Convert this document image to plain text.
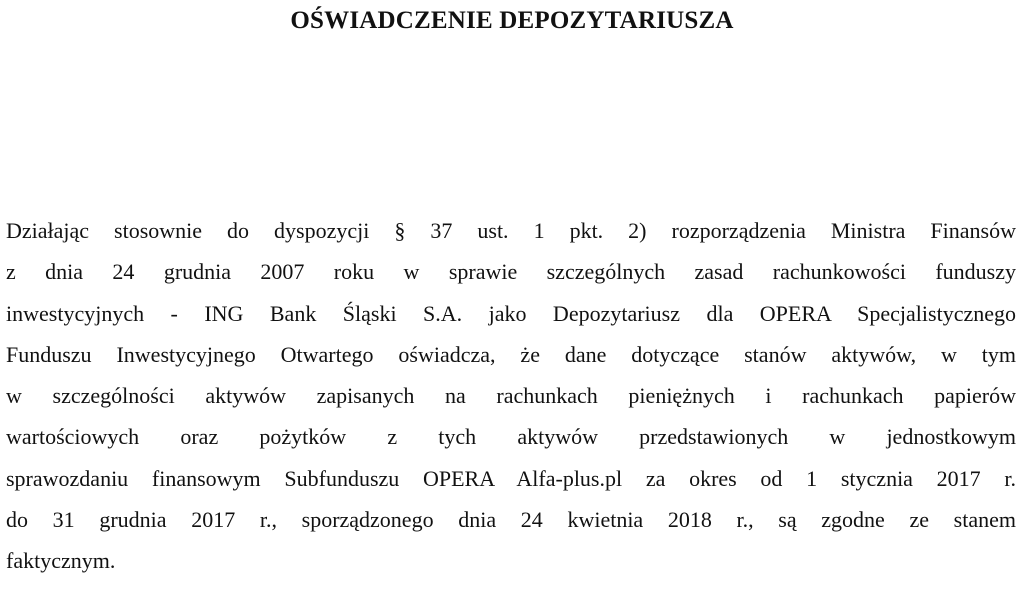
OŚWIADCZENIE DEPOZYTARIUSZA
Działając stosownie do dyspozycji § 37 ust. 1 pkt. 2) rozporządzenia Ministra Finansów
z dnia 24 grudnia 2007 roku w sprawie szczególnych zasad rachunkowości funduszy
inwestycyjnych - ING Bank Śląski S.A. jako Depozytariusz dla OPERA Specjalistycznego
Funduszu Inwestycyjnego Otwartego oświadcza, że dane dotyczące stanów aktywów, w tym
w szczególności aktywów zapisanych na rachunkach pieniężnych i rachunkach papierów
wartościowych oraz pożytków z tych aktywów przedstawionych w jednostkowym
sprawozdaniu finansowym Subfunduszu OPERA Alfa-plus.pl za okres od 1 stycznia 2017 r.
do 31 grudnia 2017 r., sporządzonego dnia 24 kwietnia 2018 r., są zgodne ze stanem
faktycznym.
